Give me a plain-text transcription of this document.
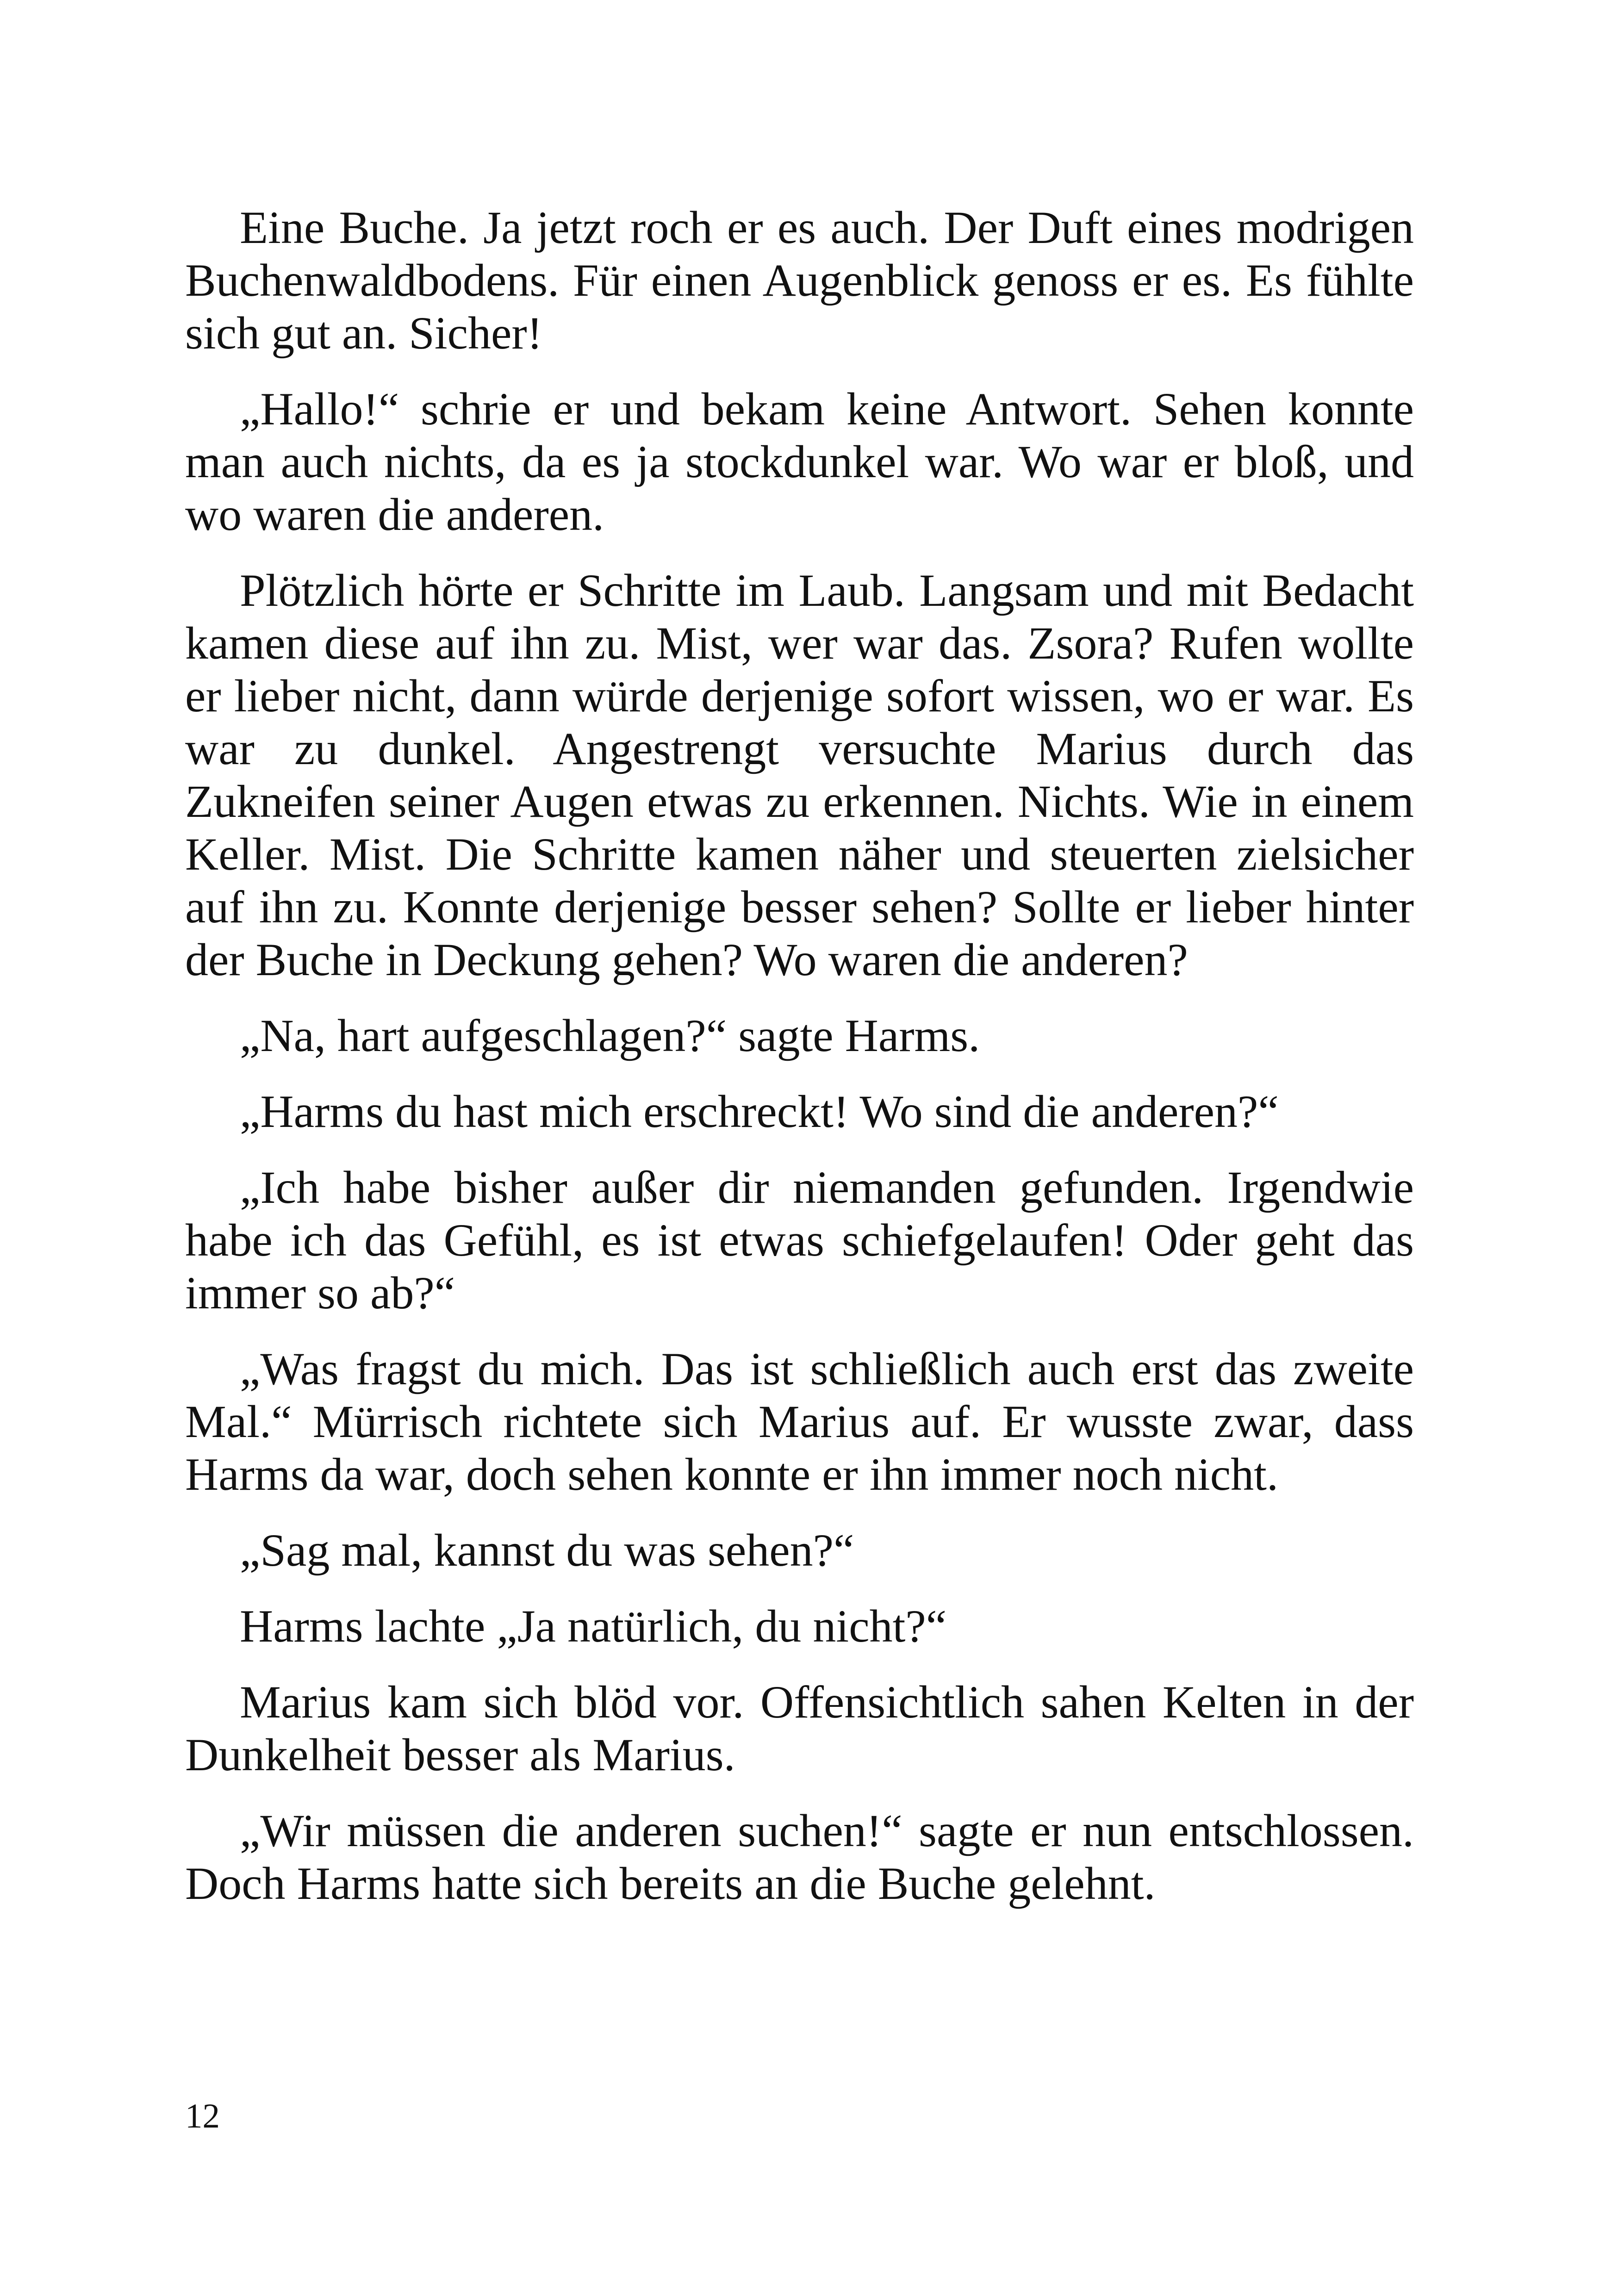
Eine Buche. Ja jetzt roch er es auch. Der Duft eines modrigen Buchenwaldbodens. Für einen Augenblick genoss er es. Es fühlte sich gut an. Sicher!

„Hallo!“ schrie er und bekam keine Antwort. Sehen konnte man auch nichts, da es ja stockdunkel war. Wo war er bloß, und wo waren die anderen.

Plötzlich hörte er Schritte im Laub. Langsam und mit Bedacht kamen diese auf ihn zu. Mist, wer war das. Zsora? Rufen wollte er lieber nicht, dann würde derjenige sofort wissen, wo er war. Es war zu dunkel. Angestrengt versuchte Marius durch das Zukneifen seiner Augen etwas zu erkennen. Nichts. Wie in einem Keller. Mist. Die Schritte kamen näher und steuerten zielsicher auf ihn zu. Konnte derjenige besser sehen? Sollte er lieber hinter der Buche in Deckung gehen? Wo waren die anderen?

„Na, hart aufgeschlagen?“ sagte Harms.

„Harms du hast mich erschreckt! Wo sind die anderen?“

„Ich habe bisher außer dir niemanden gefunden. Irgendwie habe ich das Gefühl, es ist etwas schiefgelaufen! Oder geht das immer so ab?“

„Was fragst du mich. Das ist schließlich auch erst das zweite Mal.“ Mürrisch richtete sich Marius auf. Er wusste zwar, dass Harms da war, doch sehen konnte er ihn immer noch nicht.

„Sag mal, kannst du was sehen?“

Harms lachte „Ja natürlich, du nicht?“

Marius kam sich blöd vor. Offensichtlich sahen Kelten in der Dunkelheit besser als Marius.

„Wir müssen die anderen suchen!“ sagte er nun entschlossen. Doch Harms hatte sich bereits an die Buche gelehnt.

12
